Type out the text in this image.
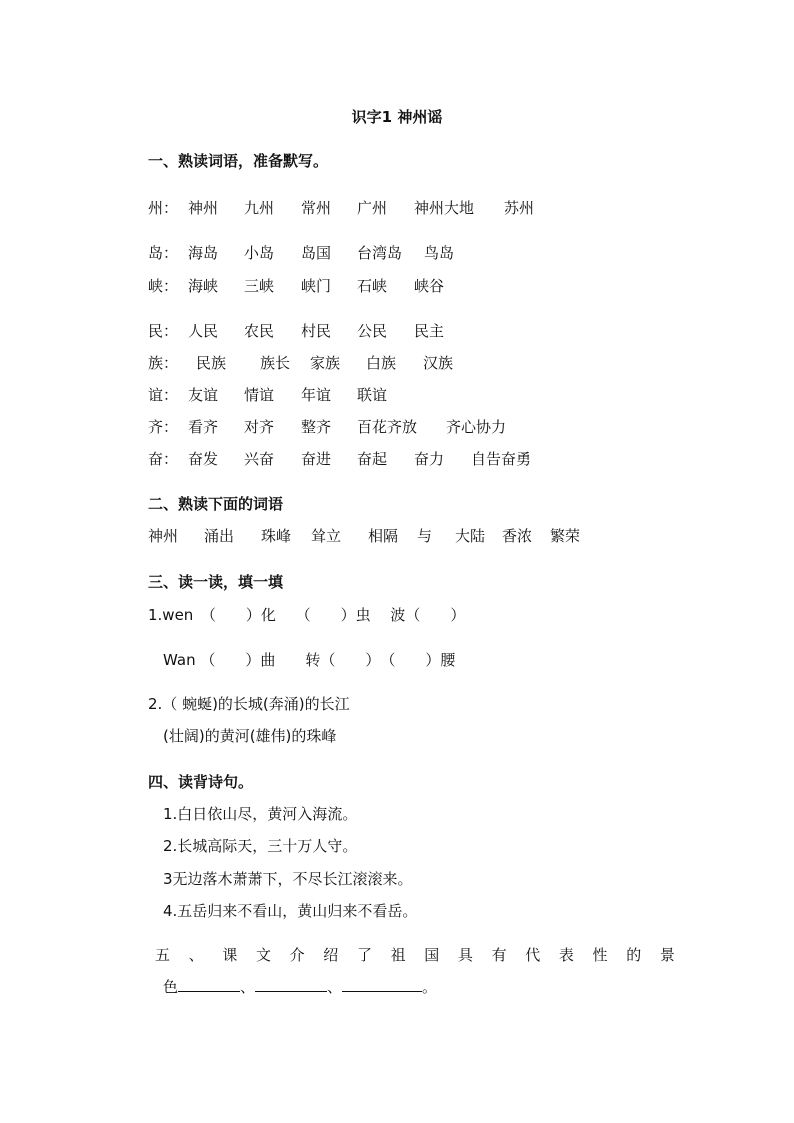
识字1 神州谣
一、熟读词语，准备默写。
州： 神州 九州 常州 广州 神州大地 苏州
岛： 海岛 小岛 岛国 台湾岛 鸟岛
峡： 海峡 三峡 峡门 石峡 峡谷
民： 人民 农民 村民 公民 民主
族： 民族 族长 家族 白族 汉族
谊： 友谊 情谊 年谊 联谊
齐： 看齐 对齐 整齐 百花齐放 齐心协力
奋： 奋发 兴奋 奋进 奋起 奋力 自告奋勇
二、熟读下面的词语
神州 涌出 珠峰 耸立 相隔 与 大陆 香浓 繁荣
三、读一读，填一填
1.wen　（　　）化　 （　　）虫　 波（　　）
Wan （　　）曲　　转（　　）　（　　）腰
2.（ 蜿蜒)的长城(奔涌)的长江
(壮阔)的黄河(雄伟)的珠峰
四、读背诗句。
1.白日依山尽，黄河入海流。
2.长城高际天，三十万人守。
3无边落木萧萧下，不尽长江滚滚来。
4.五岳归来不看山，黄山归来不看岳。
五 、 课 文 介 绍 了 祖 国 具 有 代 表 性 的 景
色	、	、	。
